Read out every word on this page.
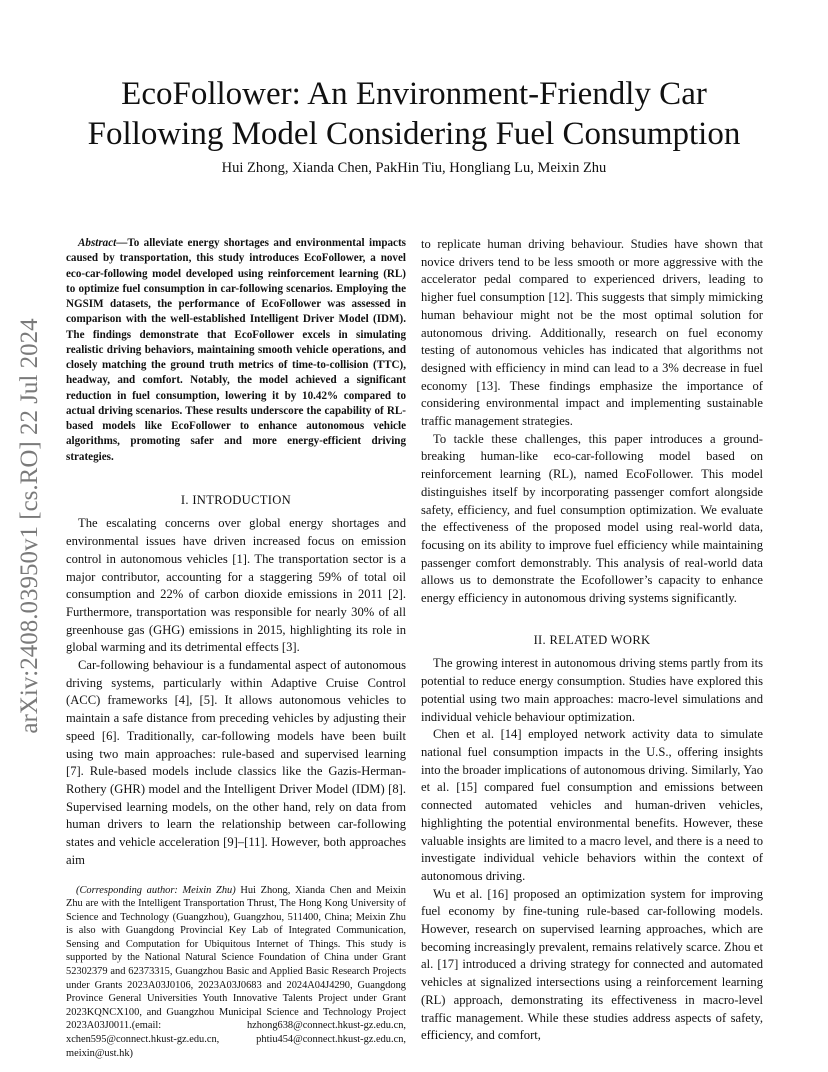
EcoFollower: An Environment-Friendly Car
Following Model Considering Fuel Consumption
Hui Zhong, Xianda Chen, PakHin Tiu, Hongliang Lu, Meixin Zhu
arXiv:2408.03950v1 [cs.RO] 22 Jul 2024

Abstract—To alleviate energy shortages and environmental impacts caused by transportation, this study introduces EcoFollower, a novel eco-car-following model developed using reinforcement learning (RL) to optimize fuel consumption in car-following scenarios. Employing the NGSIM datasets, the performance of EcoFollower was assessed in comparison with the well-established Intelligent Driver Model (IDM). The findings demonstrate that EcoFollower excels in simulating realistic driving behaviors, maintaining smooth vehicle operations, and closely matching the ground truth metrics of time-to-collision (TTC), headway, and comfort. Notably, the model achieved a significant reduction in fuel consumption, lowering it by 10.42% compared to actual driving scenarios. These results underscore the capability of RL-based models like EcoFollower to enhance autonomous vehicle algorithms, promoting safer and more energy-efficient driving strategies.

I. INTRODUCTION

The escalating concerns over global energy shortages and environmental issues have driven increased focus on emission control in autonomous vehicles [1]. The transportation sector is a major contributor, accounting for a staggering 59% of total oil consumption and 22% of carbon dioxide emissions in 2011 [2]. Furthermore, transportation was responsible for nearly 30% of all greenhouse gas (GHG) emissions in 2015, highlighting its role in global warming and its detrimental effects [3].

Car-following behaviour is a fundamental aspect of autonomous driving systems, particularly within Adaptive Cruise Control (ACC) frameworks [4], [5]. It allows autonomous vehicles to maintain a safe distance from preceding vehicles by adjusting their speed [6]. Traditionally, car-following models have been built using two main approaches: rule-based and supervised learning [7]. Rule-based models include classics like the Gazis-Herman-Rothery (GHR) model and the Intelligent Driver Model (IDM) [8]. Supervised learning models, on the other hand, rely on data from human drivers to learn the relationship between car-following states and vehicle acceleration [9]–[11]. However, both approaches aim

(Corresponding author: Meixin Zhu) Hui Zhong, Xianda Chen and Meixin Zhu are with the Intelligent Transportation Thrust, The Hong Kong University of Science and Technology (Guangzhou), Guangzhou, 511400, China; Meixin Zhu is also with Guangdong Provincial Key Lab of Integrated Communication, Sensing and Computation for Ubiquitous Internet of Things. This study is supported by the National Natural Science Foundation of China under Grant 52302379 and 62373315, Guangzhou Basic and Applied Basic Research Projects under Grants 2023A03J0106, 2023A03J0683 and 2024A04J4290, Guangdong Province General Universities Youth Innovative Talents Project under Grant 2023KQNCX100, and Guangzhou Municipal Science and Technology Project 2023A03J0011.(email: hzhong638@connect.hkust-gz.edu.cn, xchen595@connect.hkust-gz.edu.cn, phtiu454@connect.hkust-gz.edu.cn, meixin@ust.hk)

to replicate human driving behaviour. Studies have shown that novice drivers tend to be less smooth or more aggressive with the accelerator pedal compared to experienced drivers, leading to higher fuel consumption [12]. This suggests that simply mimicking human behaviour might not be the most optimal solution for autonomous driving. Additionally, research on fuel economy testing of autonomous vehicles has indicated that algorithms not designed with efficiency in mind can lead to a 3% decrease in fuel economy [13]. These findings emphasize the importance of considering environmental impact and implementing sustainable traffic management strategies.

To tackle these challenges, this paper introduces a ground-breaking human-like eco-car-following model based on reinforcement learning (RL), named EcoFollower. This model distinguishes itself by incorporating passenger comfort alongside safety, efficiency, and fuel consumption optimization. We evaluate the effectiveness of the proposed model using real-world data, focusing on its ability to improve fuel efficiency while maintaining passenger comfort demonstrably. This analysis of real-world data allows us to demonstrate the Ecofollower’s capacity to enhance energy efficiency in autonomous driving systems significantly.

II. RELATED WORK

The growing interest in autonomous driving stems partly from its potential to reduce energy consumption. Studies have explored this potential using two main approaches: macro-level simulations and individual vehicle behaviour optimization.

Chen et al. [14] employed network activity data to simulate national fuel consumption impacts in the U.S., offering insights into the broader implications of autonomous driving. Similarly, Yao et al. [15] compared fuel consumption and emissions between connected automated vehicles and human-driven vehicles, highlighting the potential environmental benefits. However, these valuable insights are limited to a macro level, and there is a need to investigate individual vehicle behaviors within the context of autonomous driving.

Wu et al. [16] proposed an optimization system for improving fuel economy by fine-tuning rule-based car-following models. However, research on supervised learning approaches, which are becoming increasingly prevalent, remains relatively scarce. Zhou et al. [17] introduced a driving strategy for connected and automated vehicles at signalized intersections using a reinforcement learning (RL) approach, demonstrating its effectiveness in macro-level traffic management. While these studies address aspects of safety, efficiency, and comfort,
